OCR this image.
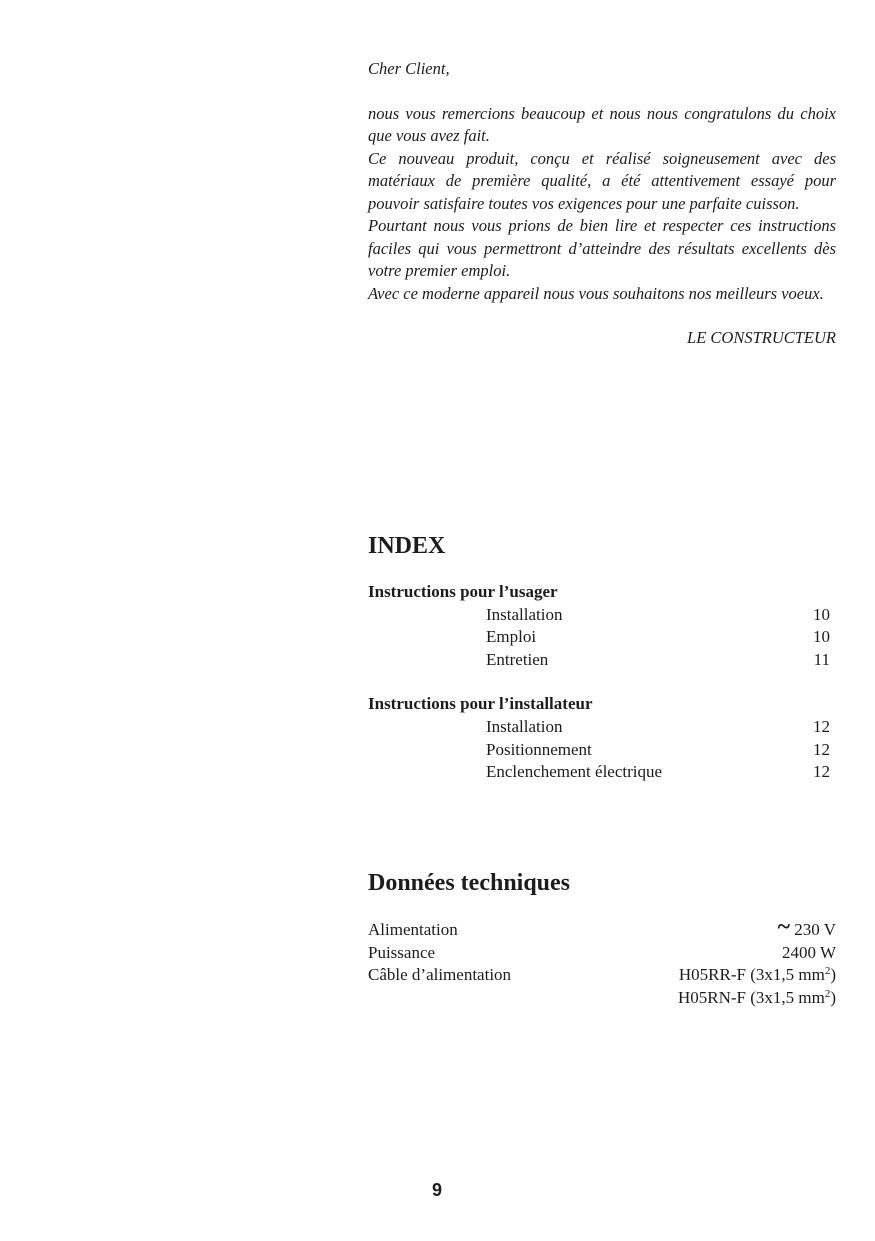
Cher Client,

nous vous remercions beaucoup et nous nous congratulons du choix que vous avez fait.

Ce nouveau produit, conçu et réalisé soigneusement avec des matériaux de première qualité, a été attentivement essayé pour pouvoir satisfaire toutes vos exigences pour une parfaite cuisson.

Pourtant nous vous prions de bien lire et respecter ces instructions faciles qui vous permettront d’atteindre des résultats excellents dès votre premier emploi.

Avec ce moderne appareil nous vous souhaitons nos meilleurs voeux.

LE CONSTRUCTEUR

INDEX
Instructions pour l’usager
Installation	10
Emploi	10
Entretien	11
Instructions pour l’installateur
Installation	12
Positionnement	12
Enclenchement électrique	12
Données techniques
Alimentation	~ 230 V
Puissance	2400 W
Câble d’alimentation	H05RR-F (3x1,5 $mm^2$)
H05RN-F (3x1,5 $mm^2$)
9
